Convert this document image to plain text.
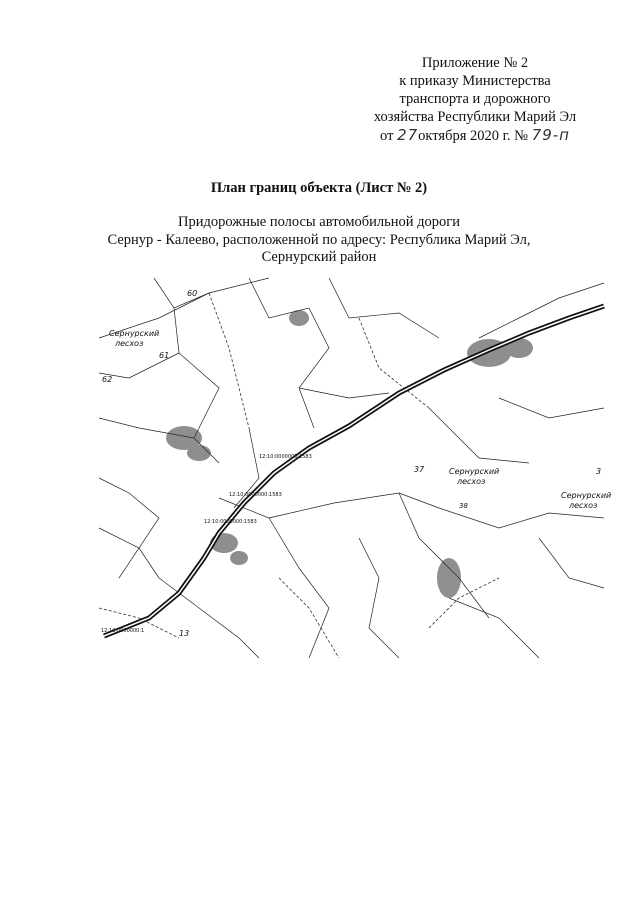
Приложение № 2
к приказу Министерства
транспорта и дорожного
хозяйства Республики Марий Эл
от 27октября 2020 г. № 79-п
План границ объекта (Лист № 2)
Придорожные полосы автомобильной дороги
Сернур - Калеево, расположенной по адресу: Республика Марий Эл,
Сернурский район
60
Сернурский
лесхоз
61
62
37	Сернурский
лесхоз
38
3
Сернурский
лесхоз
13
12:10:0000000:1583
12:10:0000000:1583
12:10:0000000:1583
12:10:0000000:1
